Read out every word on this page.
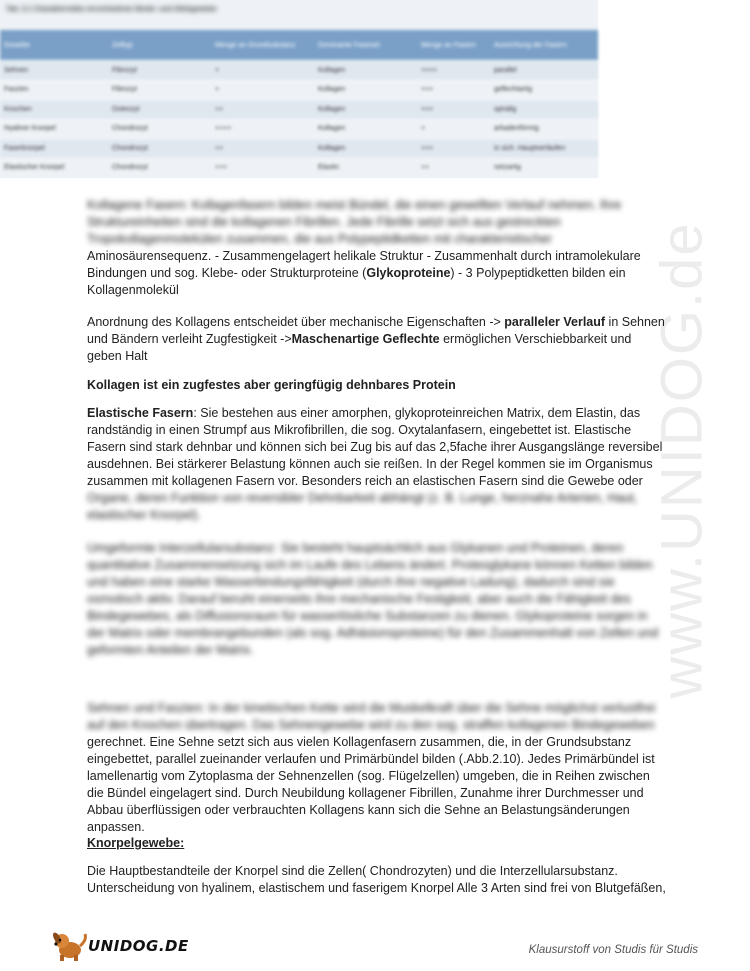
Tab. 2.1 Charakteristika verschiedener Binde- und Stützgewebe
Gewebe	Zelltyp	Menge an Grundsubstanz	Dominante Faserart	Menge an Fasern	Ausrichtung der Fasern
Sehnen	Fibrozyt	+	Kollagen	++++	parallel
Faszien	Fibrozyt	+	Kollagen	+++	geflechtartig
Knochen	Osteozyt	++	Kollagen	+++	spiralig
Hyaliner Knorpel	Chondrozyt	++++	Kollagen	+	arkadenförmig
Faserknorpel	Chondrozyt	++	Kollagen	+++	in sich. Hauptverläufen
Elastischer Knorpel	Chondrozyt	+++	Elastin	++	netzartig
www.UNIDOG.de
Kollagene Fasern: Kollagenfasern bilden meist Bündel, die einen gewellten Verlauf nehmen. Ihre Struktureinheiten sind die kollagenen Fibrillen. Jede Fibrille setzt sich aus gestreckten Tropokollagenmolekülen zusammen, die aus Polypeptidketten mit charakteristischer
Aminosäurensequenz. - Zusammengelagert helikale Struktur - Zusammenhalt durch intramolekulare Bindungen und sog. Klebe- oder Strukturproteine (Glykoproteine) - 3 Polypeptidketten bilden ein Kollagenmolekül

Anordnung des Kollagens entscheidet über mechanische Eigenschaften -> paralleler Verlauf in Sehnen und Bändern verleiht Zugfestigkeit ->Maschenartige Geflechte ermöglichen Verschiebbarkeit und geben Halt

Kollagen ist ein zugfestes aber geringfügig dehnbares Protein

Elastische Fasern: Sie bestehen aus einer amorphen, glykoproteinreichen Matrix, dem Elastin, das randständig in einen Strumpf aus Mikrofibrillen, die sog. Oxytalanfasern, eingebettet ist. Elastische Fasern sind stark dehnbar und können sich bei Zug bis auf das 2,5fache ihrer Ausgangslänge reversibel ausdehnen. Bei stärkerer Belastung können auch sie reißen. In der Regel kommen sie im Organismus zusammen mit kollagenen Fasern vor. Besonders reich an elastischen Fasern sind die Gewebe oder
Organe, deren Funktion von reversibler Dehnbarkeit abhängt (z. B. Lunge, herznahe Arterien, Haut, elastischer Knorpel).

Umgeformte Interzellularsubstanz: Sie besteht hauptsächlich aus Glykanen und Proteinen, deren quantitative Zusammensetzung sich im Laufe des Lebens ändert. Proteoglykane können Ketten bilden und haben eine starke Wasserbindungsfähigkeit (durch ihre negative Ladung), dadurch sind sie osmotisch aktiv. Darauf beruht einerseits ihre mechanische Festigkeit, aber auch die Fähigkeit des Bindegewebes, als Diffusionsraum für wasserlösliche Substanzen zu dienen. Glykoproteine sorgen in der Matrix oder membrangebunden (als sog. Adhäsionsproteine) für den Zusammenhalt von Zellen und geformten Anteilen der Matrix.

Sehnen und Faszien: In der kinetischen Kette wird die Muskelkraft über die Sehne möglichst verlustfrei auf den Knochen übertragen. Das Sehnengewebe wird zu den sog. straffen kollagenen Bindegeweben
gerechnet. Eine Sehne setzt sich aus vielen Kollagenfasern zusammen, die, in der Grundsubstanz eingebettet, parallel zueinander verlaufen und Primärbündel bilden (.Abb.2.10). Jedes Primärbündel ist lamellenartig vom Zytoplasma der Sehnenzellen (sog. Flügelzellen) umgeben, die in Reihen zwischen die Bündel eingelagert sind. Durch Neubildung kollagener Fibrillen, Zunahme ihrer Durchmesser und Abbau überflüssigen oder verbrauchten Kollagens kann sich die Sehne an Belastungsänderungen anpassen.

Knorpelgewebe:

Die Hauptbestandteile der Knorpel sind die Zellen( Chondrozyten) und die Interzellularsubstanz. Unterscheidung von hyalinem, elastischem und faserigem Knorpel Alle 3 Arten sind frei von Blutgefäßen,

UNIDOG.DE	Klausurstoff von Studis für Studis
